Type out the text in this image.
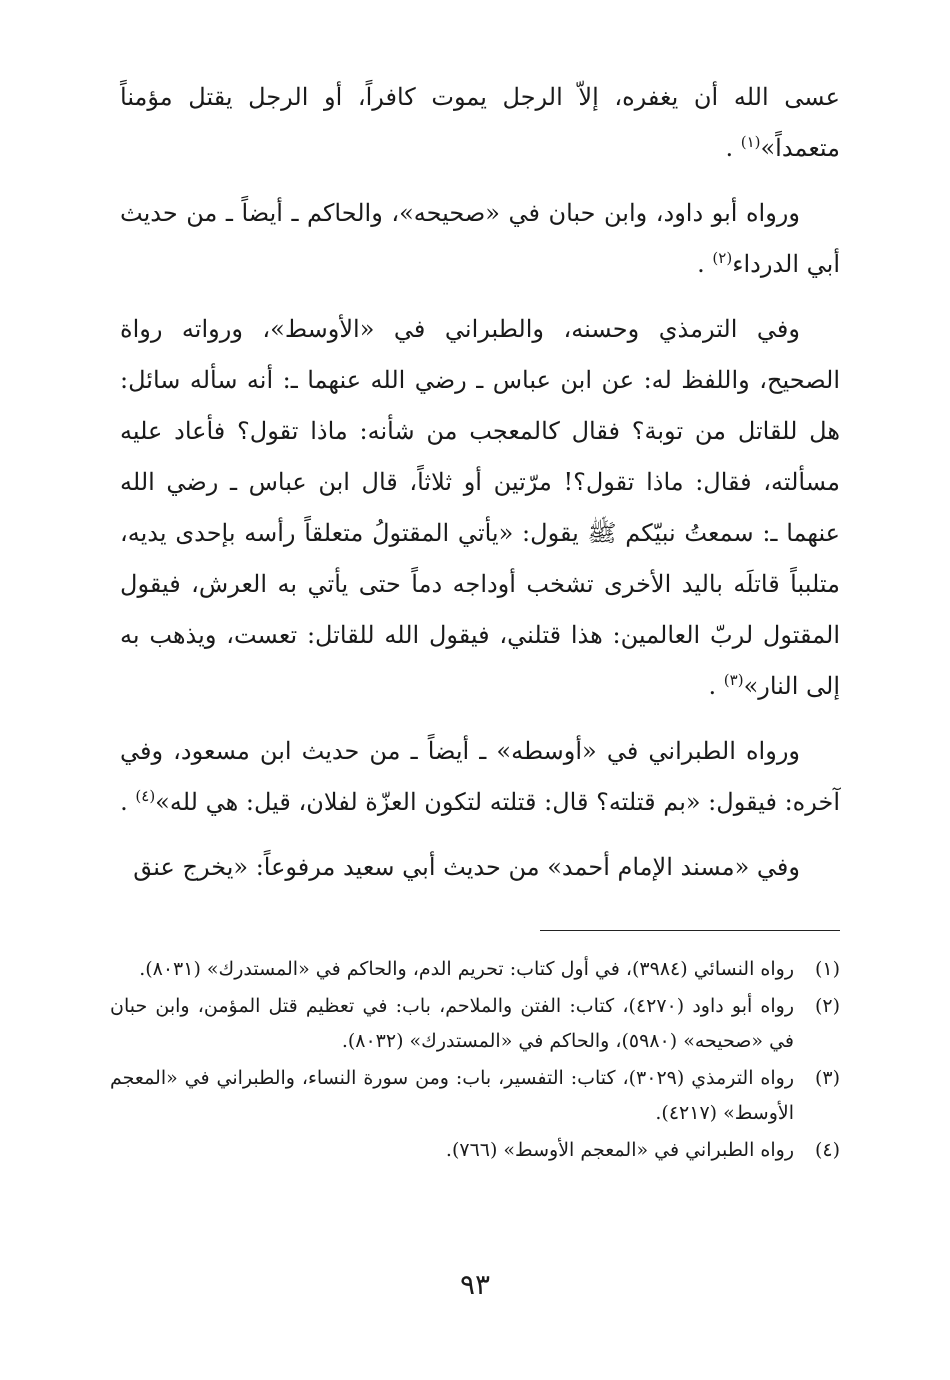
عسى الله أن يغفره، إلاّ الرجل يموت كافراً، أو الرجل يقتل مؤمناً متعمداً»$^{(١)}$ .

ورواه أبو داود، وابن حبان في «صحيحه»، والحاكم ـ أيضاً ـ من حديث أبي الدرداء$^{(٢)}$ .

وفي الترمذي وحسنه، والطبراني في «الأوسط»، ورواته رواة الصحيح، واللفظ له: عن ابن عباس ـ رضي الله عنهما ـ: أنه سأله سائل: هل للقاتل من توبة؟ فقال كالمعجب من شأنه: ماذا تقول؟ فأعاد عليه مسألته، فقال: ماذا تقول؟! مرّتين أو ثلاثاً، قال ابن عباس ـ رضي الله عنهما ـ: سمعتُ نبيّكم ﷺ يقول: «يأتي المقتولُ متعلقاً رأسه بإحدى يديه، متلبباً قاتلَه باليد الأخرى تشخب أوداجه دماً حتى يأتي به العرش، فيقول المقتول لربّ العالمين: هذا قتلني، فيقول الله للقاتل: تعست، ويذهب به إلى النار»$^{(٣)}$ .

ورواه الطبراني في «أوسطه» ـ أيضاً ـ من حديث ابن مسعود، وفي آخره: فيقول: «بم قتلته؟ قال: قتلته لتكون العزّة لفلان، قيل: هي لله»$^{(٤)}$ .

وفي «مسند الإمام أحمد» من حديث أبي سعيد مرفوعاً: «يخرج عنق

(١)
رواه النسائي (٣٩٨٤)، في أول كتاب: تحريم الدم، والحاكم في «المستدرك» (٨٠٣١).
(٢)
رواه أبو داود (٤٢٧٠)، كتاب: الفتن والملاحم، باب: في تعظيم قتل المؤمن، وابن حبان في «صحيحه» (٥٩٨٠)، والحاكم في «المستدرك» (٨٠٣٢).
(٣)
رواه الترمذي (٣٠٢٩)، كتاب: التفسير، باب: ومن سورة النساء، والطبراني في «المعجم الأوسط» (٤٢١٧).
(٤)
رواه الطبراني في «المعجم الأوسط» (٧٦٦).
٩٣
